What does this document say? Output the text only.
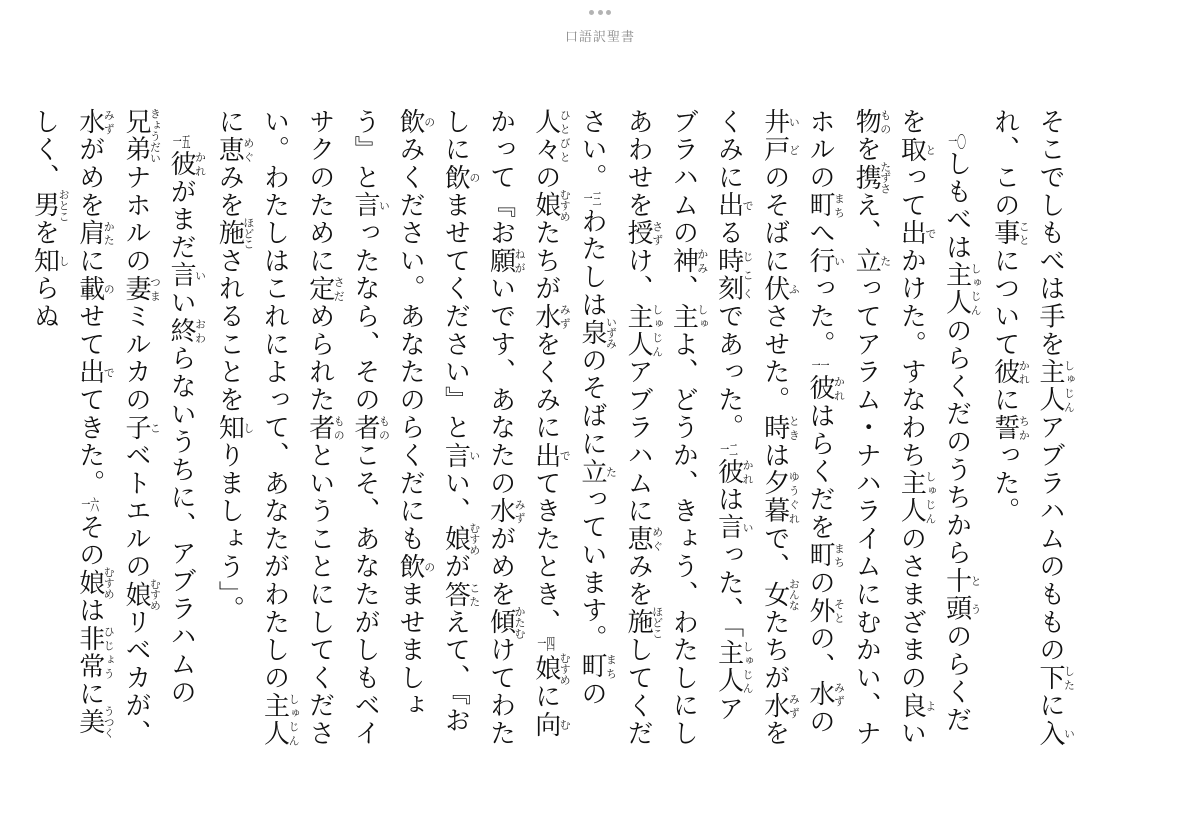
口語訳聖書

そこでしもべは手を主人しゅじんアブラハムのももの下したに入いれ、この事ことについて彼かれに誓ちかった。

一〇しもべは主人しゅじんのらくだのうちから十頭とうのらくだを取とって出でかけた。すなわち主人しゅじんのさまざまの良よい物ものを携たずさえ、立たってアラム・ナハライムにむかい、ナホルの町まちへ行いった。一一彼かれはらくだを町まちの外そとの、水みずの井戸いどのそばに伏ふさせた。時ときは夕暮ゆうぐれで、女おんなたちが水みずをくみに出でる時刻じこくであった。一二彼かれは言いった、「主人しゅじんアブラハムの神かみ、主しゅよ、どうか、きょう、わたしにしあわせを授さずけ、主人しゅじんアブラハムに恵めぐみを施ほどこしてください。一三わたしは泉いずみのそばに立たっています。町まちの人々ひとびとの娘むすめたちが水みずをくみに出でてきたとき、一四娘むすめに向むかって『お願ねがいです、あなたの水みずがめを傾かたむけてわたしに飲のませてください』と言いい、娘むすめが答こたえて、『お飲のみください。あなたのらくだにも飲のませましょう』と言いったなら、その者ものこそ、あなたがしもベイサクのために定さだめられた者ものということにしてください。わたしはこれによって、あなたがわたしの主人しゅじんに恵めぐみを施ほどこされることを知しりましょう」。

一五彼かれがまだ言いい終おわらないうちに、アブラハムの兄弟きょうだいナホルの妻つまミルカの子こベトエルの娘むすめリベカが、水みずがめを肩かたに載のせて出でてきた。一六その娘むすめは非常ひじょうに美うつくしく、男おとこを知しらぬ
